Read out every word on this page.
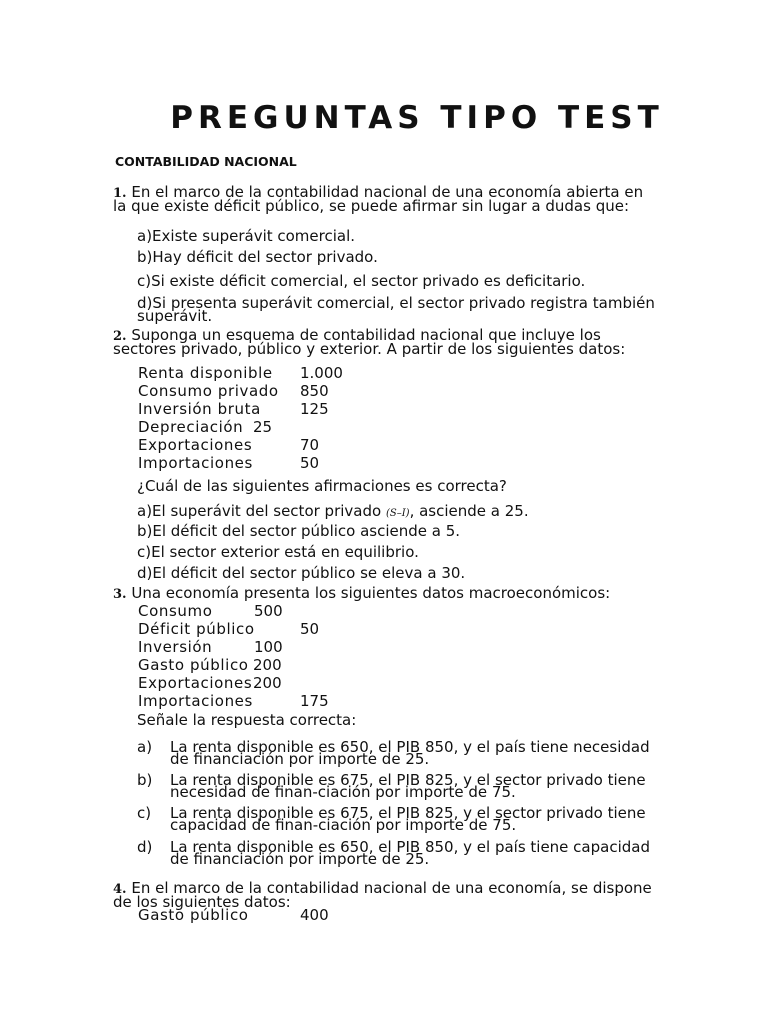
PREGUNTAS TIPO TEST

CONTABILIDAD NACIONAL

1. En el marco de la contabilidad nacional de una economía abierta en la que existe déficit público, se puede afirmar sin lugar a dudas que:

a)Existe superávit comercial.

b)Hay déficit del sector privado.

c)Si existe déficit comercial, el sector privado es deficitario.

d)Si presenta superávit comercial, el sector privado registra también superávit.

2. Suponga un esquema de contabilidad nacional que incluye los sectores privado, público y exterior. A partir de los siguientes datos:

Renta disponible 1.000

Consumo privado 850

Inversión bruta	125

Depreciación 25

Exportaciones	70

Importaciones	50

¿Cuál de las siguientes afirmaciones es correcta?

a)El superávit del sector privado (S–I), asciende a 25.

b)El déficit del sector público asciende a 5.

c)El sector exterior está en equilibrio.

d)El déficit del sector público se eleva a 30.

3. Una economía presenta los siguientes datos macroeconómicos:

Consumo	500

Déficit público	50

Inversión	100

Gasto público 200

Exportaciones 200

Importaciones	175

Señale la respuesta correcta:

a) La renta disponible es 650, el PIB 850, y el país tiene necesidad de financiación por importe de 25.

b) La renta disponible es 675, el PIB 825, y el sector privado tiene necesidad de finan-ciación por importe de 75.

c) La renta disponible es 675, el PIB 825, y el sector privado tiene capacidad de finan-ciación por importe de 75.

d) La renta disponible es 650, el PIB 850, y el país tiene capacidad de financiación por importe de 25.

4. En el marco de la contabilidad nacional de una economía, se dispone de los siguientes datos:

Gasto público	400
